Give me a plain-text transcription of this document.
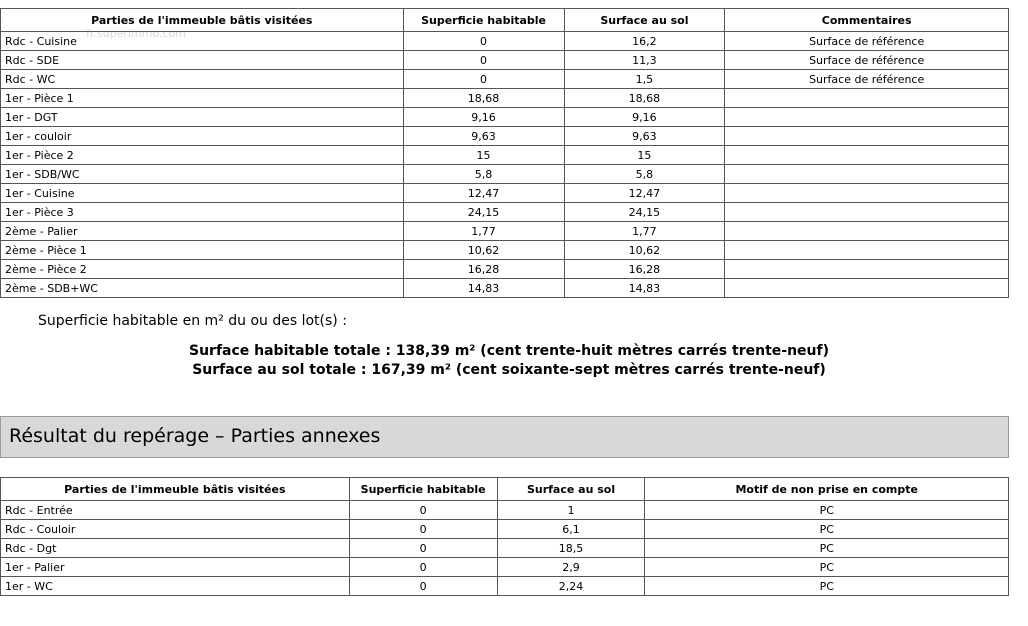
fr.superimmo.com
Parties de l'immeuble bâtis visitées	Superficie habitable	Surface au sol	Commentaires
Rdc - Cuisine	0	16,2	Surface de référence
Rdc - SDE	0	11,3	Surface de référence
Rdc - WC	0	1,5	Surface de référence
1er - Pièce 1	18,68	18,68	
1er - DGT	9,16	9,16	
1er - couloir	9,63	9,63	
1er - Pièce 2	15	15	
1er - SDB/WC	5,8	5,8	
1er - Cuisine	12,47	12,47	
1er - Pièce 3	24,15	24,15	
2ème - Palier	1,77	1,77	
2ème - Pièce 1	10,62	10,62	
2ème - Pièce 2	16,28	16,28	
2ème - SDB+WC	14,83	14,83	
Superficie habitable en m² du ou des lot(s) :
Surface habitable totale : 138,39 m² (cent trente-huit mètres carrés trente-neuf)
Surface au sol totale : 167,39 m² (cent soixante-sept mètres carrés trente-neuf)
Résultat du repérage – Parties annexes
Parties de l'immeuble bâtis visitées	Superficie habitable	Surface au sol	Motif de non prise en compte
Rdc - Entrée	0	1	PC
Rdc - Couloir	0	6,1	PC
Rdc - Dgt	0	18,5	PC
1er - Palier	0	2,9	PC
1er - WC	0	2,24	PC
